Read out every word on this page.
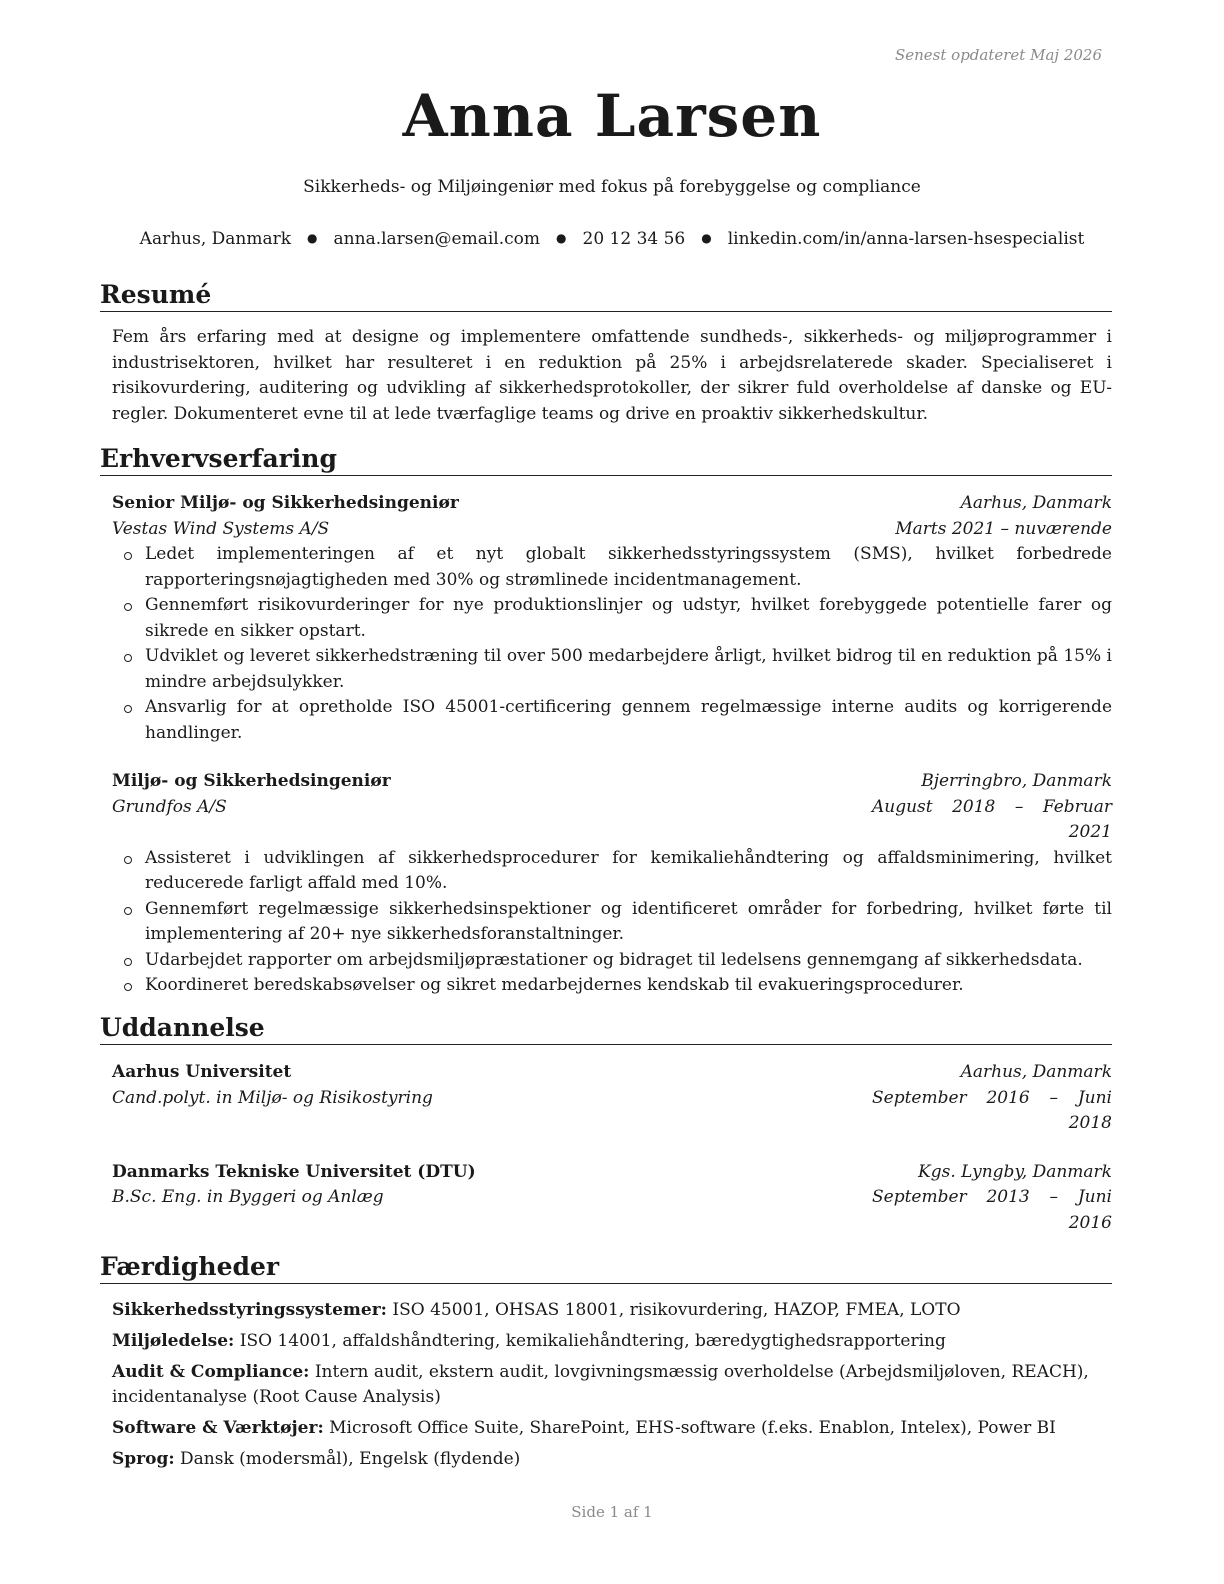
Senest opdateret Maj 2026
Anna Larsen
Sikkerheds- og Miljøingeniør med fokus på forebyggelse og compliance
Aarhus, Danmark ● anna.larsen@email.com ● 20 12 34 56 ● linkedin.com/in/anna-larsen-hsespecialist
Resumé
Fem års erfaring med at designe og implementere omfattende sundheds-, sikkerheds- og miljøprogrammer i industrisektoren, hvilket har resulteret i en reduktion på 25% i arbejdsrelaterede skader. Specialiseret i risikovurdering, auditering og udvikling af sikkerhedsprotokoller, der sikrer fuld overholdelse af danske og EU-regler. Dokumenteret evne til at lede tværfaglige teams og drive en proaktiv sikkerhedskultur.
Erhvervserfaring
Senior Miljø- og Sikkerhedsingeniør	Aarhus, Danmark
Vestas Wind Systems A/S	Marts 2021 – nuværende
Ledet implementeringen af et nyt globalt sikkerhedsstyringssystem (SMS), hvilket forbedrede rapporteringsnøjagtigheden med 30% og strømlinede incidentmanagement.
Gennemført risikovurderinger for nye produktionslinjer og udstyr, hvilket forebyggede potentielle farer og sikrede en sikker opstart.
Udviklet og leveret sikkerhedstræning til over 500 medarbejdere årligt, hvilket bidrog til en reduktion på 15% i mindre arbejdsulykker.
Ansvarlig for at opretholde ISO 45001-certificering gennem regelmæssige interne audits og korrigerende handlinger.
Miljø- og Sikkerhedsingeniør	Bjerringbro, Danmark
Grundfos A/S	August 2018 – Februar 2021
Assisteret i udviklingen af sikkerhedsprocedurer for kemikaliehåndtering og affaldsminimering, hvilket reducerede farligt affald med 10%.
Gennemført regelmæssige sikkerhedsinspektioner og identificeret områder for forbedring, hvilket førte til implementering af 20+ nye sikkerhedsforanstaltninger.
Udarbejdet rapporter om arbejdsmiljøpræstationer og bidraget til ledelsens gennemgang af sikkerhedsdata.
Koordineret beredskabsøvelser og sikret medarbejdernes kendskab til evakueringsprocedurer.
Uddannelse
Aarhus Universitet	Aarhus, Danmark
Cand.polyt. in Miljø- og Risikostyring	September 2016 – Juni 2018
Danmarks Tekniske Universitet (DTU)	Kgs. Lyngby, Danmark
B.Sc. Eng. in Byggeri og Anlæg	September 2013 – Juni 2016
Færdigheder
Sikkerhedsstyringssystemer: ISO 45001, OHSAS 18001, risikovurdering, HAZOP, FMEA, LOTO
Miljøledelse: ISO 14001, affaldshåndtering, kemikaliehåndtering, bæredygtighedsrapportering
Audit & Compliance: Intern audit, ekstern audit, lovgivningsmæssig overholdelse (Arbejdsmiljøloven, REACH), incidentanalyse (Root Cause Analysis)
Software & Værktøjer: Microsoft Office Suite, SharePoint, EHS-software (f.eks. Enablon, Intelex), Power BI
Sprog: Dansk (modersmål), Engelsk (flydende)
Side 1 af 1
